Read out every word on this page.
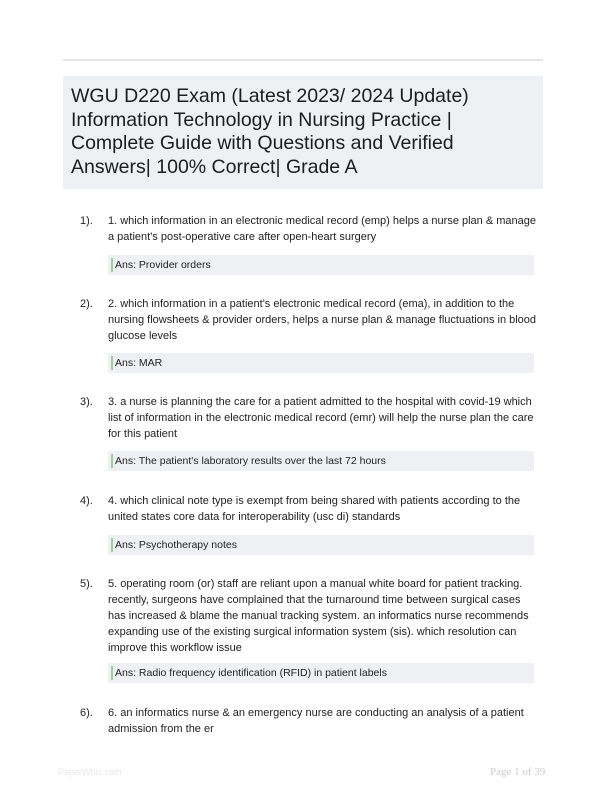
WGU D220 Exam (Latest 2023/ 2024 Update) Information Technology in Nursing Practice | Complete Guide with Questions and Verified Answers| 100% Correct| Grade A
1). 1. which information in an electronic medical record (emp) helps a nurse plan & manage a patient's post-operative care after open-heart surgery
Ans: Provider orders
2). 2. which information in a patient's electronic medical record (ema), in addition to the nursing flowsheets & provider orders, helps a nurse plan & manage fluctuations in blood glucose levels
Ans: MAR
3). 3. a nurse is planning the care for a patient admitted to the hospital with covid-19 which list of information in the electronic medical record (emr) will help the nurse plan the care for this patient
Ans: The patient's laboratory results over the last 72 hours
4). 4. which clinical note type is exempt from being shared with patients according to the united states core data for interoperability (usc di) standards
Ans: Psychotherapy notes
5). 5. operating room (or) staff are reliant upon a manual white board for patient tracking. recently, surgeons have complained that the turnaround time between surgical cases has increased & blame the manual tracking system. an informatics nurse recommends expanding use of the existing surgical information system (sis). which resolution can improve this workflow issue
Ans: Radio frequency identification (RFID) in patient labels
6). 6. an informatics nurse & an emergency nurse are conducting an analysis of a patient admission from the er
PaperWhiz.com	Page 1 of 39
